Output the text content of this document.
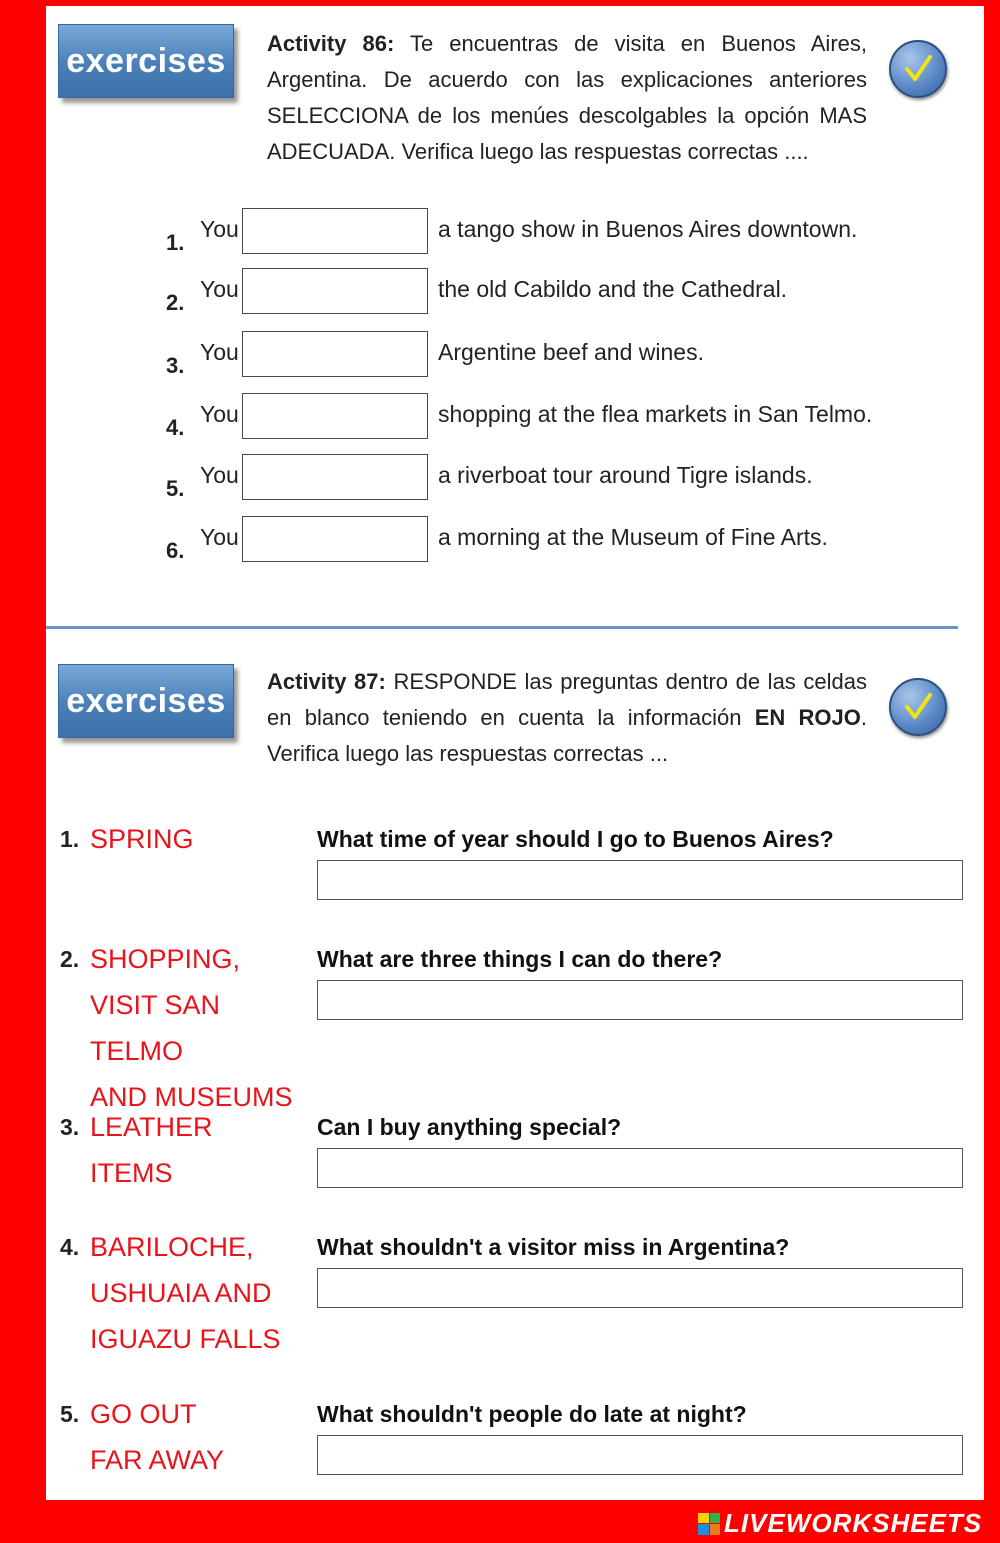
exercises Activity 86: Te encuentras de visita en Buenos Aires, Argentina. De acuerdo con las explicaciones anteriores SELECCIONA de los menúes descolgables la opción MAS ADECUADA. Verifica luego las respuestas correctas ....
1.
You	a tango show in Buenos Aires downtown.
2.
You	the old Cabildo and the Cathedral.
3.
You	Argentine beef and wines.
4.
You	shopping at the flea markets in San Telmo.
5.
You	a riverboat tour around Tigre islands.
6.
You	a morning at the Museum of Fine Arts.
exercises Activity 87: RESPONDE las preguntas dentro de las celdas en blanco teniendo en cuenta la información EN ROJO. Verifica luego las respuestas correctas ...
1. SPRING	What time of year should I go to Buenos Aires?
2. SHOPPING,
VISIT SAN TELMO
AND MUSEUMS
What are three things I can do there?
3. LEATHER ITEMS
Can I buy anything special?
4. BARILOCHE,
USHUAIA AND
IGUAZU FALLS
What shouldn't a visitor miss in Argentina?
5. GO OUT
FAR AWAY
What shouldn't people do late at night?
LIVEWORKSHEETS
